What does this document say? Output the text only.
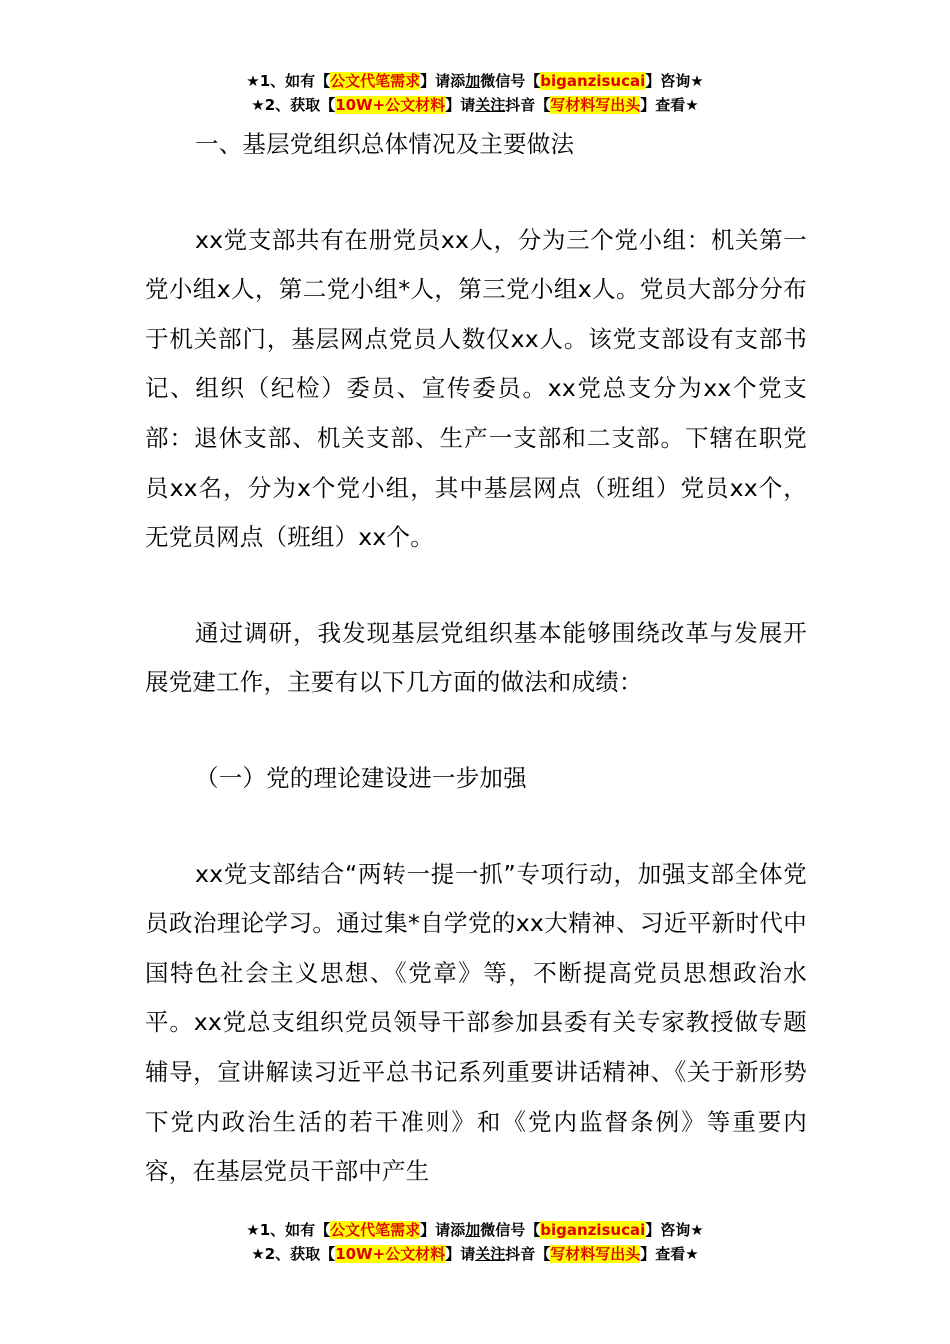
★1、如有【公文代笔需求】请添加微信号【biganzisucai】咨询★
★2、获取【10W+公文材料】请关注抖音【写材料写出头】查看★

一、基层党组织总体情况及主要做法

xx党支部共有在册党员xx人，分为三个党小组：机关第一党小组x人，第二党小组*人，第三党小组x人。党员大部分分布于机关部门，基层网点党员人数仅xx人。该党支部设有支部书记、组织（纪检）委员、宣传委员。xx党总支分为xx个党支部：退休支部、机关支部、生产一支部和二支部。下辖在职党员xx名，分为x个党小组，其中基层网点（班组）党员xx个，无党员网点（班组）xx个。

通过调研，我发现基层党组织基本能够围绕改革与发展开展党建工作，主要有以下几方面的做法和成绩：

（一）党的理论建设进一步加强

xx党支部结合“两转一提一抓”专项行动，加强支部全体党员政治理论学习。通过集*自学党的xx大精神、习近平新时代中国特色社会主义思想、《党章》等，不断提高党员思想政治水平。xx党总支组织党员领导干部参加县委有关专家教授做专题辅导，宣讲解读习近平总书记系列重要讲话精神、《关于新形势下党内政治生活的若干准则》和《党内监督条例》等重要内容，在基层党员干部中产生

★1、如有【公文代笔需求】请添加微信号【biganzisucai】咨询★
★2、获取【10W+公文材料】请关注抖音【写材料写出头】查看★
